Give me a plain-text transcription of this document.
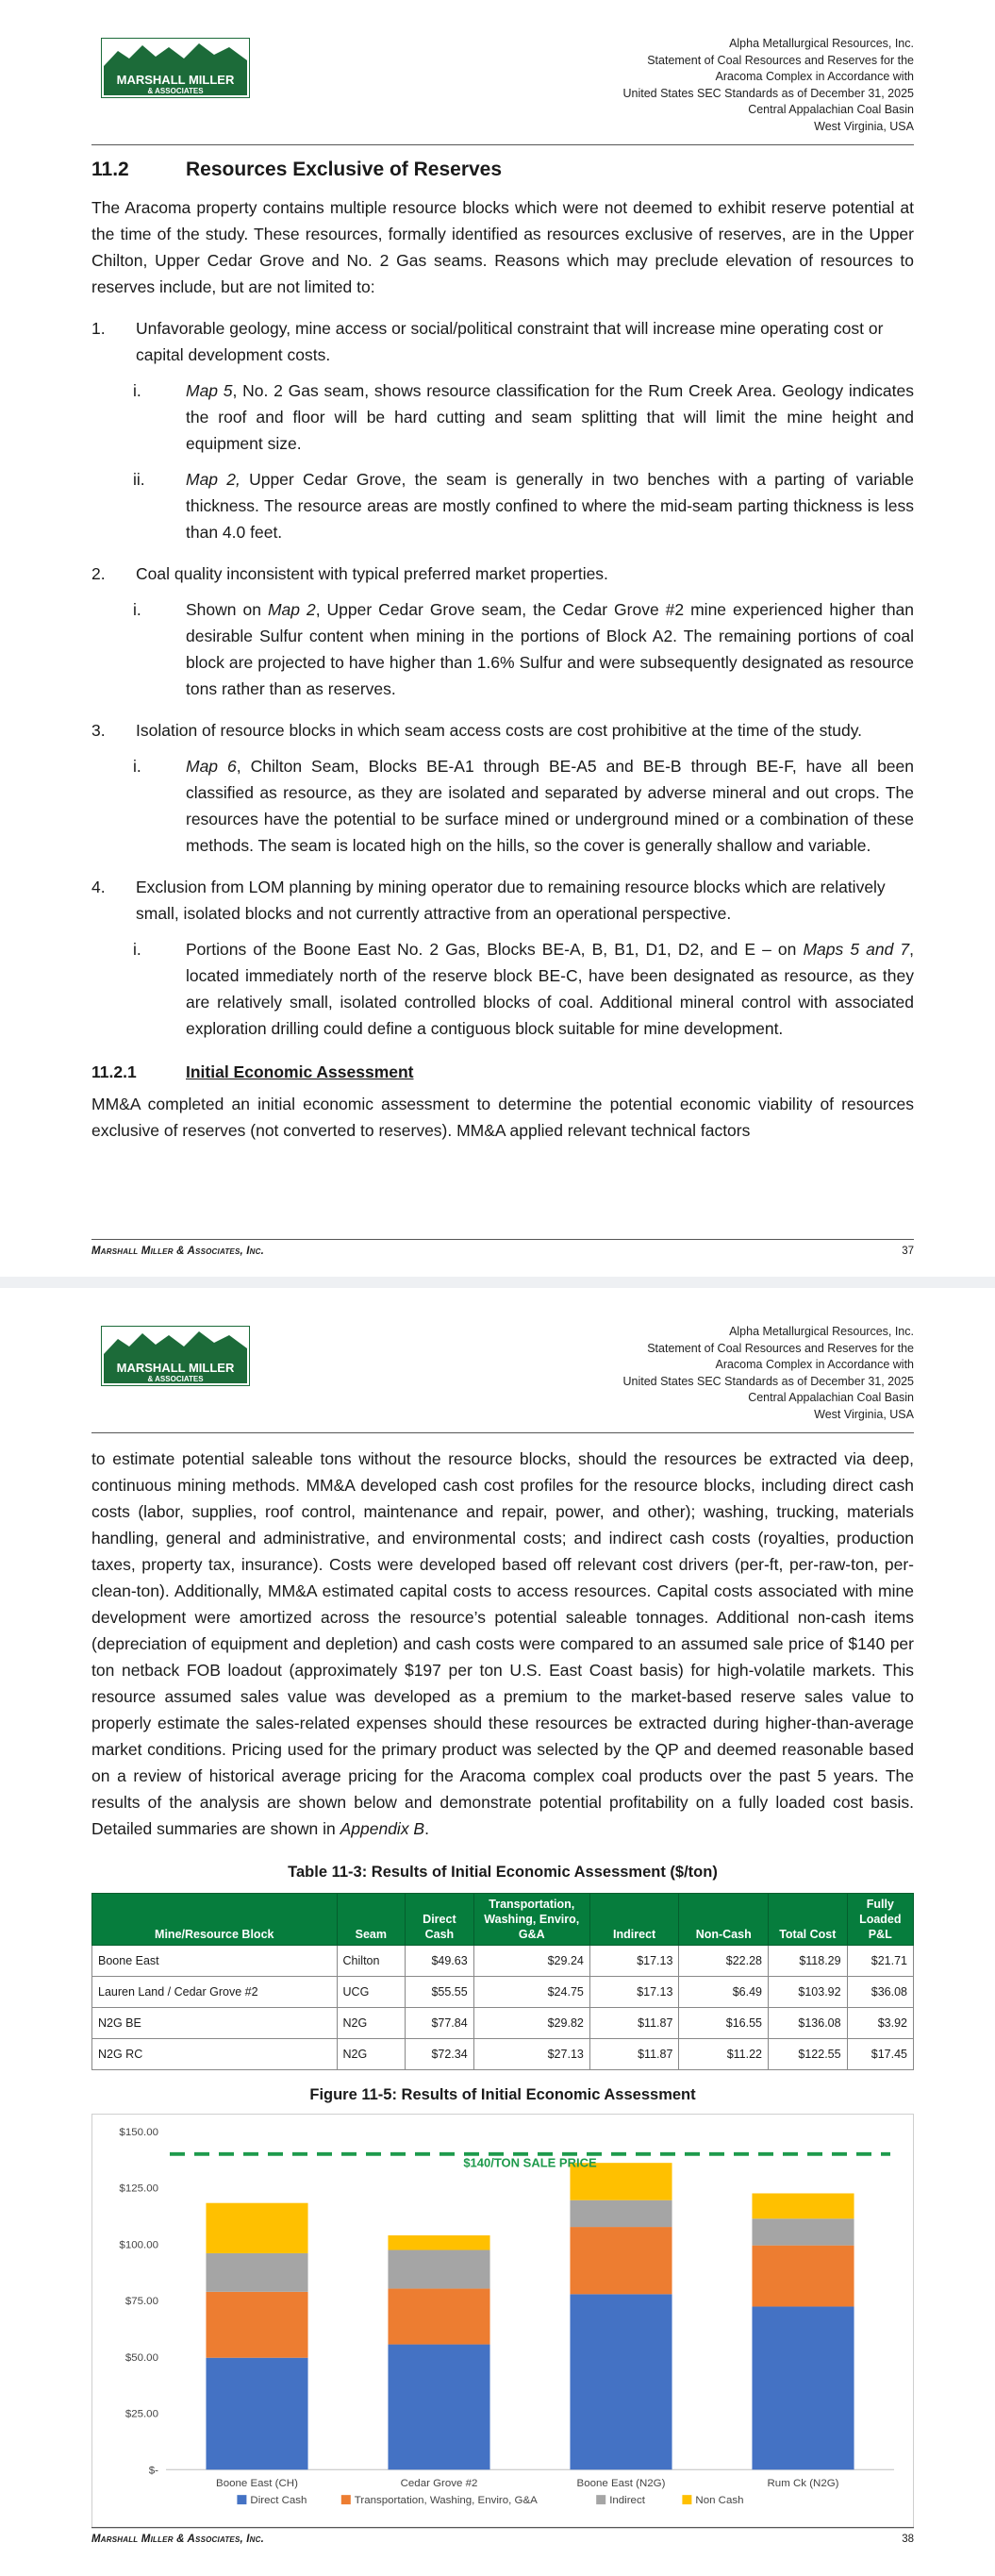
MARSHALL MILLER
& ASSOCIATES
Alpha Metallurgical Resources, Inc.
Statement of Coal Resources and Reserves for the
Aracoma Complex in Accordance with
United States SEC Standards as of December 31, 2025
Central Appalachian Coal Basin
West Virginia, USA
11.2	Resources Exclusive of Reserves

The Aracoma property contains multiple resource blocks which were not deemed to exhibit reserve potential at the time of the study. These resources, formally identified as resources exclusive of reserves, are in the Upper Chilton, Upper Cedar Grove and No. 2 Gas seams. Reasons which may preclude elevation of resources to reserves include, but are not limited to:

1.	Unfavorable geology, mine access or social/political constraint that will increase mine operating cost or capital development costs.
i.	Map 5, No. 2 Gas seam, shows resource classification for the Rum Creek Area. Geology indicates the roof and floor will be hard cutting and seam splitting that will limit the mine height and equipment size.
ii.	Map 2, Upper Cedar Grove, the seam is generally in two benches with a parting of variable thickness. The resource areas are mostly confined to where the mid-seam parting thickness is less than 4.0 feet.
2.	Coal quality inconsistent with typical preferred market properties.
i.	Shown on Map 2, Upper Cedar Grove seam, the Cedar Grove #2 mine experienced higher than desirable Sulfur content when mining in the portions of Block A2. The remaining portions of coal block are projected to have higher than 1.6% Sulfur and were subsequently designated as resource tons rather than as reserves.
3.	Isolation of resource blocks in which seam access costs are cost prohibitive at the time of the study.
i.	Map 6, Chilton Seam, Blocks BE-A1 through BE-A5 and BE-B through BE-F, have all been classified as resource, as they are isolated and separated by adverse mineral and out crops. The resources have the potential to be surface mined or underground mined or a combination of these methods. The seam is located high on the hills, so the cover is generally shallow and variable.
4.	Exclusion from LOM planning by mining operator due to remaining resource blocks which are relatively small, isolated blocks and not currently attractive from an operational perspective.
i.	Portions of the Boone East No. 2 Gas, Blocks BE-A, B, B1, D1, D2, and E – on Maps 5 and 7, located immediately north of the reserve block BE-C, have been designated as resource, as they are relatively small, isolated controlled blocks of coal. Additional mineral control with associated exploration drilling could define a contiguous block suitable for mine development.
11.2.1	Initial Economic Assessment

MM&A completed an initial economic assessment to determine the potential economic viability of resources exclusive of reserves (not converted to reserves). MM&A applied relevant technical factors

Marshall Miller & Associates, Inc.	37
MARSHALL MILLER
& ASSOCIATES
Alpha Metallurgical Resources, Inc.
Statement of Coal Resources and Reserves for the
Aracoma Complex in Accordance with
United States SEC Standards as of December 31, 2025
Central Appalachian Coal Basin
West Virginia, USA

to estimate potential saleable tons without the resource blocks, should the resources be extracted via deep, continuous mining methods. MM&A developed cash cost profiles for the resource blocks, including direct cash costs (labor, supplies, roof control, maintenance and repair, power, and other); washing, trucking, materials handling, general and administrative, and environmental costs; and indirect cash costs (royalties, production taxes, property tax, insurance). Costs were developed based off relevant cost drivers (per-ft, per-raw-ton, per-clean-ton). Additionally, MM&A estimated capital costs to access resources. Capital costs associated with mine development were amortized across the resource’s potential saleable tonnages. Additional non-cash items (depreciation of equipment and depletion) and cash costs were compared to an assumed sale price of $140 per ton netback FOB loadout (approximately $197 per ton U.S. East Coast basis) for high-volatile markets. This resource assumed sales value was developed as a premium to the market-based reserve sales value to properly estimate the sales-related expenses should these resources be extracted during higher-than-average market conditions. Pricing used for the primary product was selected by the QP and deemed reasonable based on a review of historical average pricing for the Aracoma complex coal products over the past 5 years. The results of the analysis are shown below and demonstrate potential profitability on a fully loaded cost basis. Detailed summaries are shown in Appendix B.

Table 11-3: Results of Initial Economic Assessment ($/ton)
Mine/Resource Block	Seam	Direct Cash	Transportation, Washing, Enviro, G&A	Indirect	Non-Cash	Total Cost	Fully Loaded P&L
Boone East	Chilton	$49.63	$29.24	$17.13	$22.28	$118.29	$21.71
Lauren Land / Cedar Grove #2	UCG	$55.55	$24.75	$17.13	$6.49	$103.92	$36.08
N2G BE	N2G	$77.84	$29.82	$11.87	$16.55	$136.08	$3.92
N2G RC	N2G	$72.34	$27.13	$11.87	$11.22	$122.55	$17.45
Figure 11-5: Results of Initial Economic Assessment
$-
$25.00
$50.00
$75.00
$100.00
$125.00
$150.00
Boone East (CH)	Cedar Grove #2	Boone East (N2G)	Rum Ck (N2G)
$140/TON SALE PRICE
Direct Cash	Transportation, Washing, Enviro, G&A	Indirect	Non Cash
Marshall Miller & Associates, Inc.	38
